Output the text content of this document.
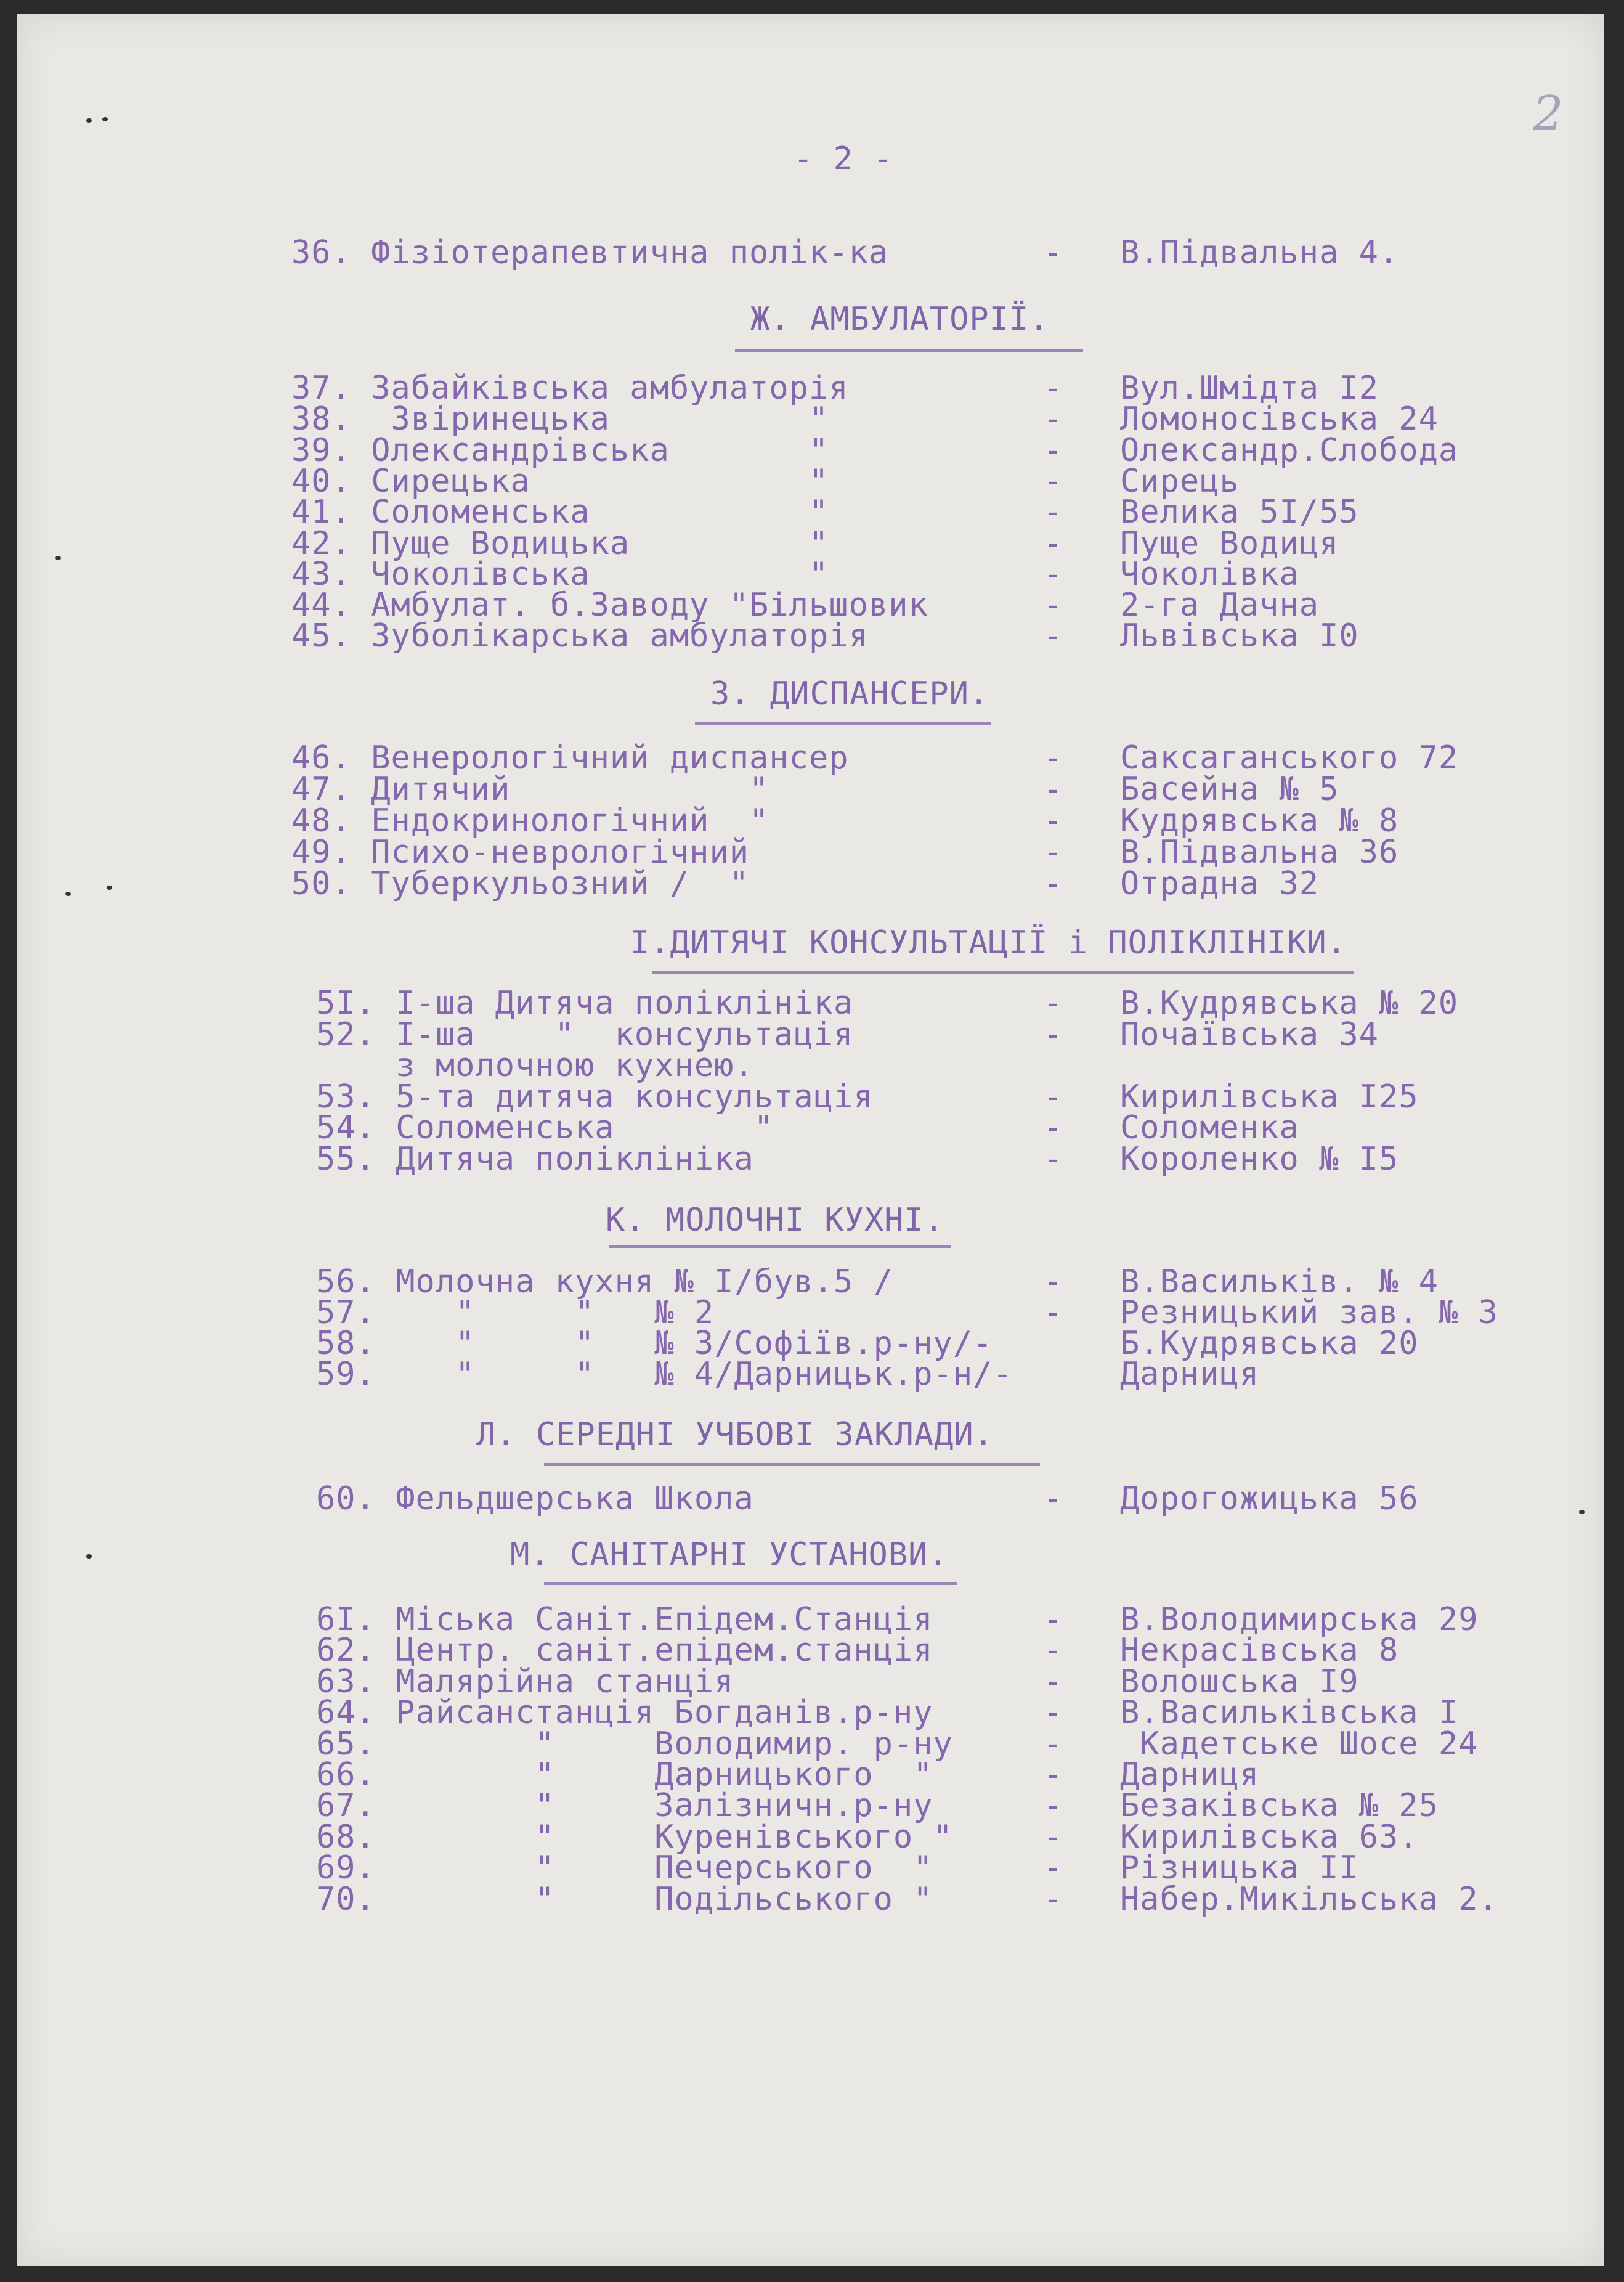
2
- 2 -
36. Фізіотерапевтична полік-ка	- В.Підвальна 4.
Ж. АМБУЛАТОРІЇ.
37. Забайківська амбулаторія	- Вул.Шмідта I2
38.  Звіринецька          "	- Ломоносівська 24
39. Олександрівська       "	- Олександр.Слобода
40. Сирецька              "	- Сирець
41. Соломенська           "	- Велика 5I/55
42. Пуще Водицька         "	- Пуще Водиця
43. Чоколівська           "	- Чоколівка
44. Амбулат. б.Заводу "Більшовик	- 2-га Дачна
45. Зуболікарська амбулаторія	- Львівська I0
З. ДИСПАНСЕРИ.
46. Венерологічний диспансер	- Саксаганського 72
47. Дитячий            "	- Басейна № 5
48. Ендокринологічний  "	- Кудрявська № 8
49. Психо-неврологічний	- В.Підвальна 36
50. Туберкульозний /  "	- Отрадна 32
І.ДИТЯЧІ КОНСУЛЬТАЦІЇ і ПОЛІКЛІНІКИ.
5I. I-ша Дитяча поліклініка	- В.Кудрявська № 20
52. I-ша    "  консультація	- Почаївська 34
з молочною кухнею.
53. 5-та дитяча консультація	- Кирилівська I25
54. Соломенська       "	- Соломенка
55. Дитяча поліклініка	- Короленко № I5
К. МОЛОЧНІ КУХНІ.
56. Молочна кухня № I/був.5 /	- В.Васильків. № 4
57.    "     "   № 2	- Резницький зав. № 3
58.    "     "   № 3/Софіїв.р-ну/-	Б.Кудрявська 20
59.    "     "   № 4/Дарницьк.р-н/-	Дарниця
Л. СЕРЕДНІ УЧБОВІ ЗАКЛАДИ.
60. Фельдшерська Школа	- Дорогожицька 56
М. САНІТАРНІ УСТАНОВИ.
6I. Міська Саніт.Епідем.Станція	- В.Володимирська 29
62. Центр. саніт.епідем.станція	- Некрасівська 8
63. Малярійна станція	- Волошська I9
64. Райсанстанція Богданів.р-ну	- В.Васильківська I
65.        "     Володимир. р-ну	- Кадетське Шосе 24
66.        "     Дарницького  "	- Дарниця
67.        "     Залізничн.р-ну	- Безаківська № 25
68.        "     Куренівського "	- Кирилівська 63.
69.        "     Печерського  "	- Різницька II
70.        "     Подільського "	- Набер.Микільська 2.
